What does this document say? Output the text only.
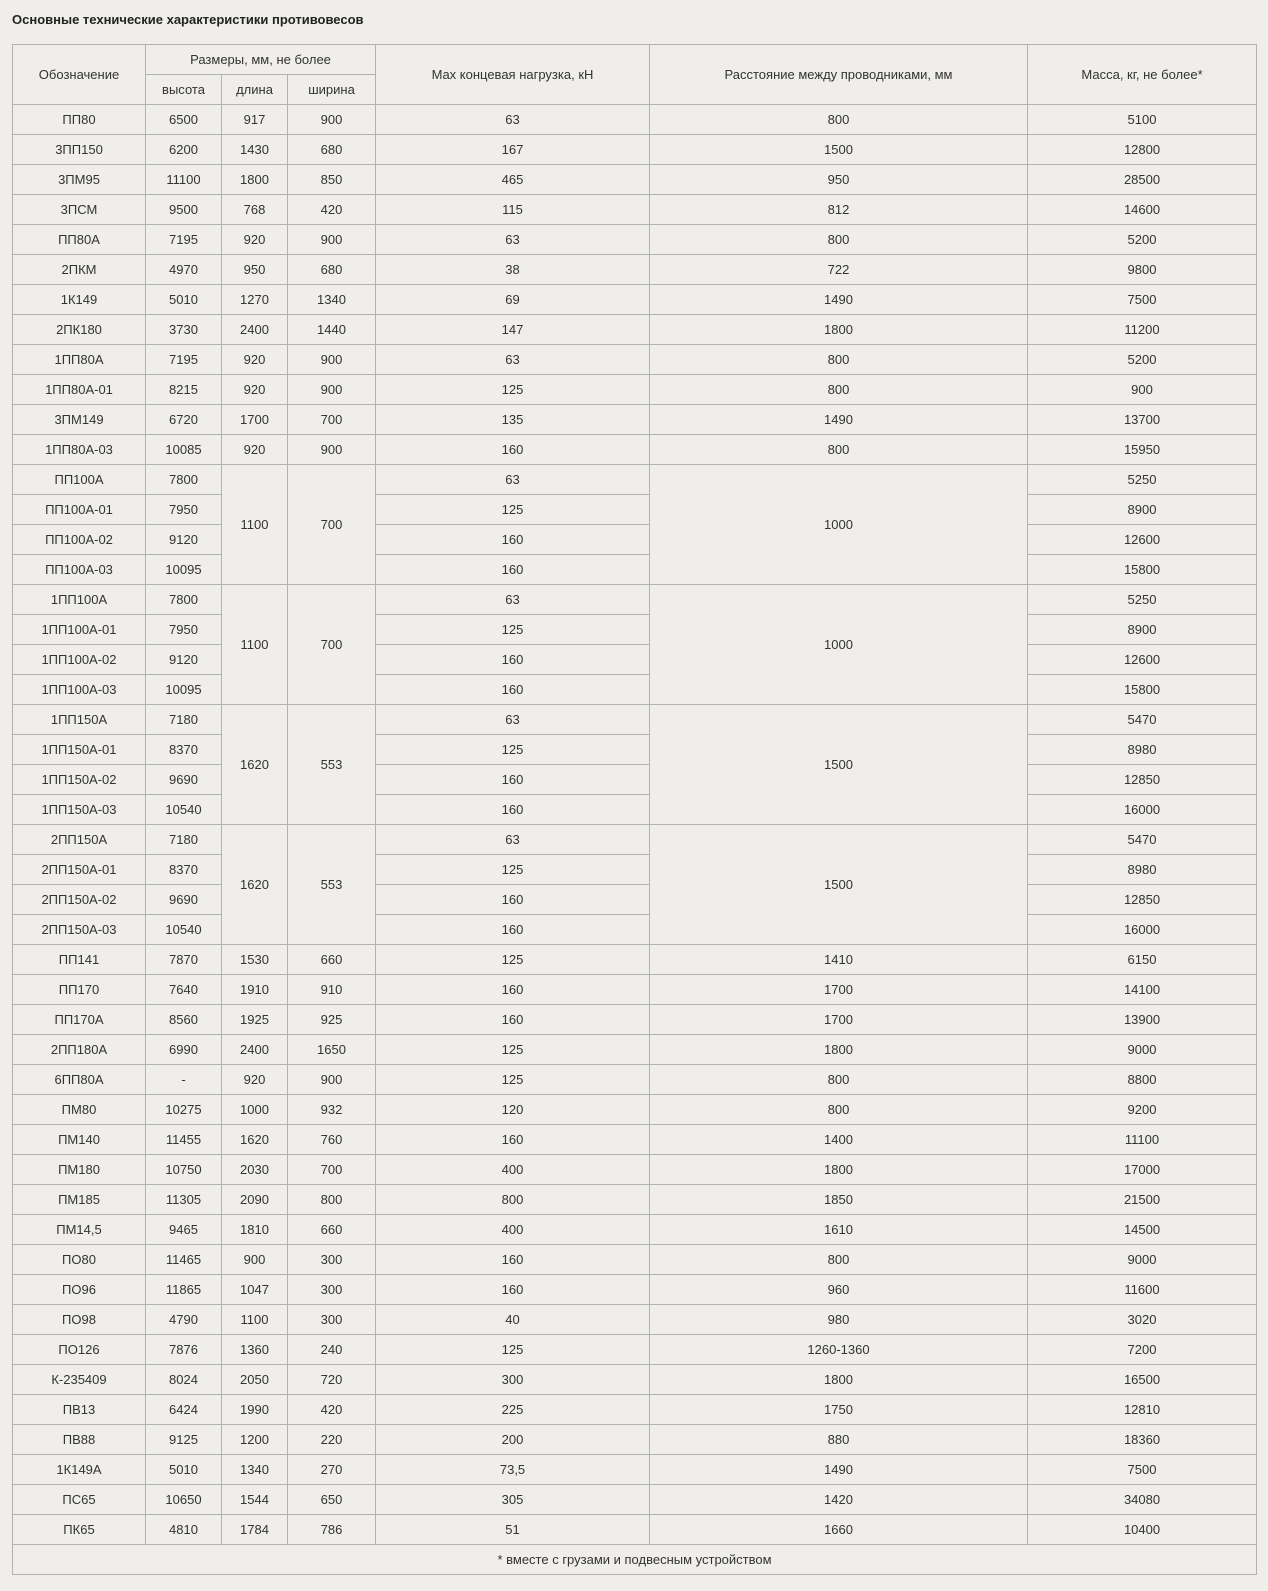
Основные технические характеристики противовесов
Обозначение	Размеры, мм, не более			Max концевая нагрузка, кН	Расстояние между проводниками, мм	Масса, кг, не более*
	высота	длина	ширина			
ПП80	6500	917	900	63	800	5100
3ПП150	6200	1430	680	167	1500	12800
3ПМ95	11100	1800	850	465	950	28500
3ПСМ	9500	768	420	115	812	14600
ПП80А	7195	920	900	63	800	5200
2ПКМ	4970	950	680	38	722	9800
1К149	5010	1270	1340	69	1490	7500
2ПК180	3730	2400	1440	147	1800	11200
1ПП80А	7195	920	900	63	800	5200
1ПП80А-01	8215	920	900	125	800	900
3ПМ149	6720	1700	700	135	1490	13700
1ПП80А-03	10085	920	900	160	800	15950
ПП100А	7800	1100	700	63	1000	5250
ПП100А-01	7950			125		8900
ПП100А-02	9120			160		12600
ПП100А-03	10095			160		15800
1ПП100А	7800	1100	700	63	1000	5250
1ПП100А-01	7950			125		8900
1ПП100А-02	9120			160		12600
1ПП100А-03	10095			160		15800
1ПП150А	7180	1620	553	63	1500	5470
1ПП150А-01	8370			125		8980
1ПП150А-02	9690			160		12850
1ПП150А-03	10540			160		16000
2ПП150А	7180	1620	553	63	1500	5470
2ПП150А-01	8370			125		8980
2ПП150А-02	9690			160		12850
2ПП150А-03	10540			160		16000
ПП141	7870	1530	660	125	1410	6150
ПП170	7640	1910	910	160	1700	14100
ПП170А	8560	1925	925	160	1700	13900
2ПП180А	6990	2400	1650	125	1800	9000
6ПП80А	-	920	900	125	800	8800
ПМ80	10275	1000	932	120	800	9200
ПМ140	11455	1620	760	160	1400	11100
ПМ180	10750	2030	700	400	1800	17000
ПМ185	11305	2090	800	800	1850	21500
ПМ14,5	9465	1810	660	400	1610	14500
ПО80	11465	900	300	160	800	9000
ПО96	11865	1047	300	160	960	11600
ПО98	4790	1100	300	40	980	3020
ПО126	7876	1360	240	125	1260-1360	7200
К-235409	8024	2050	720	300	1800	16500
ПВ13	6424	1990	420	225	1750	12810
ПВ88	9125	1200	220	200	880	18360
1К149А	5010	1340	270	73,5	1490	7500
ПС65	10650	1544	650	305	1420	34080
ПК65	4810	1784	786	51	1660	10400
* вместе с грузами и подвесным устройством						
